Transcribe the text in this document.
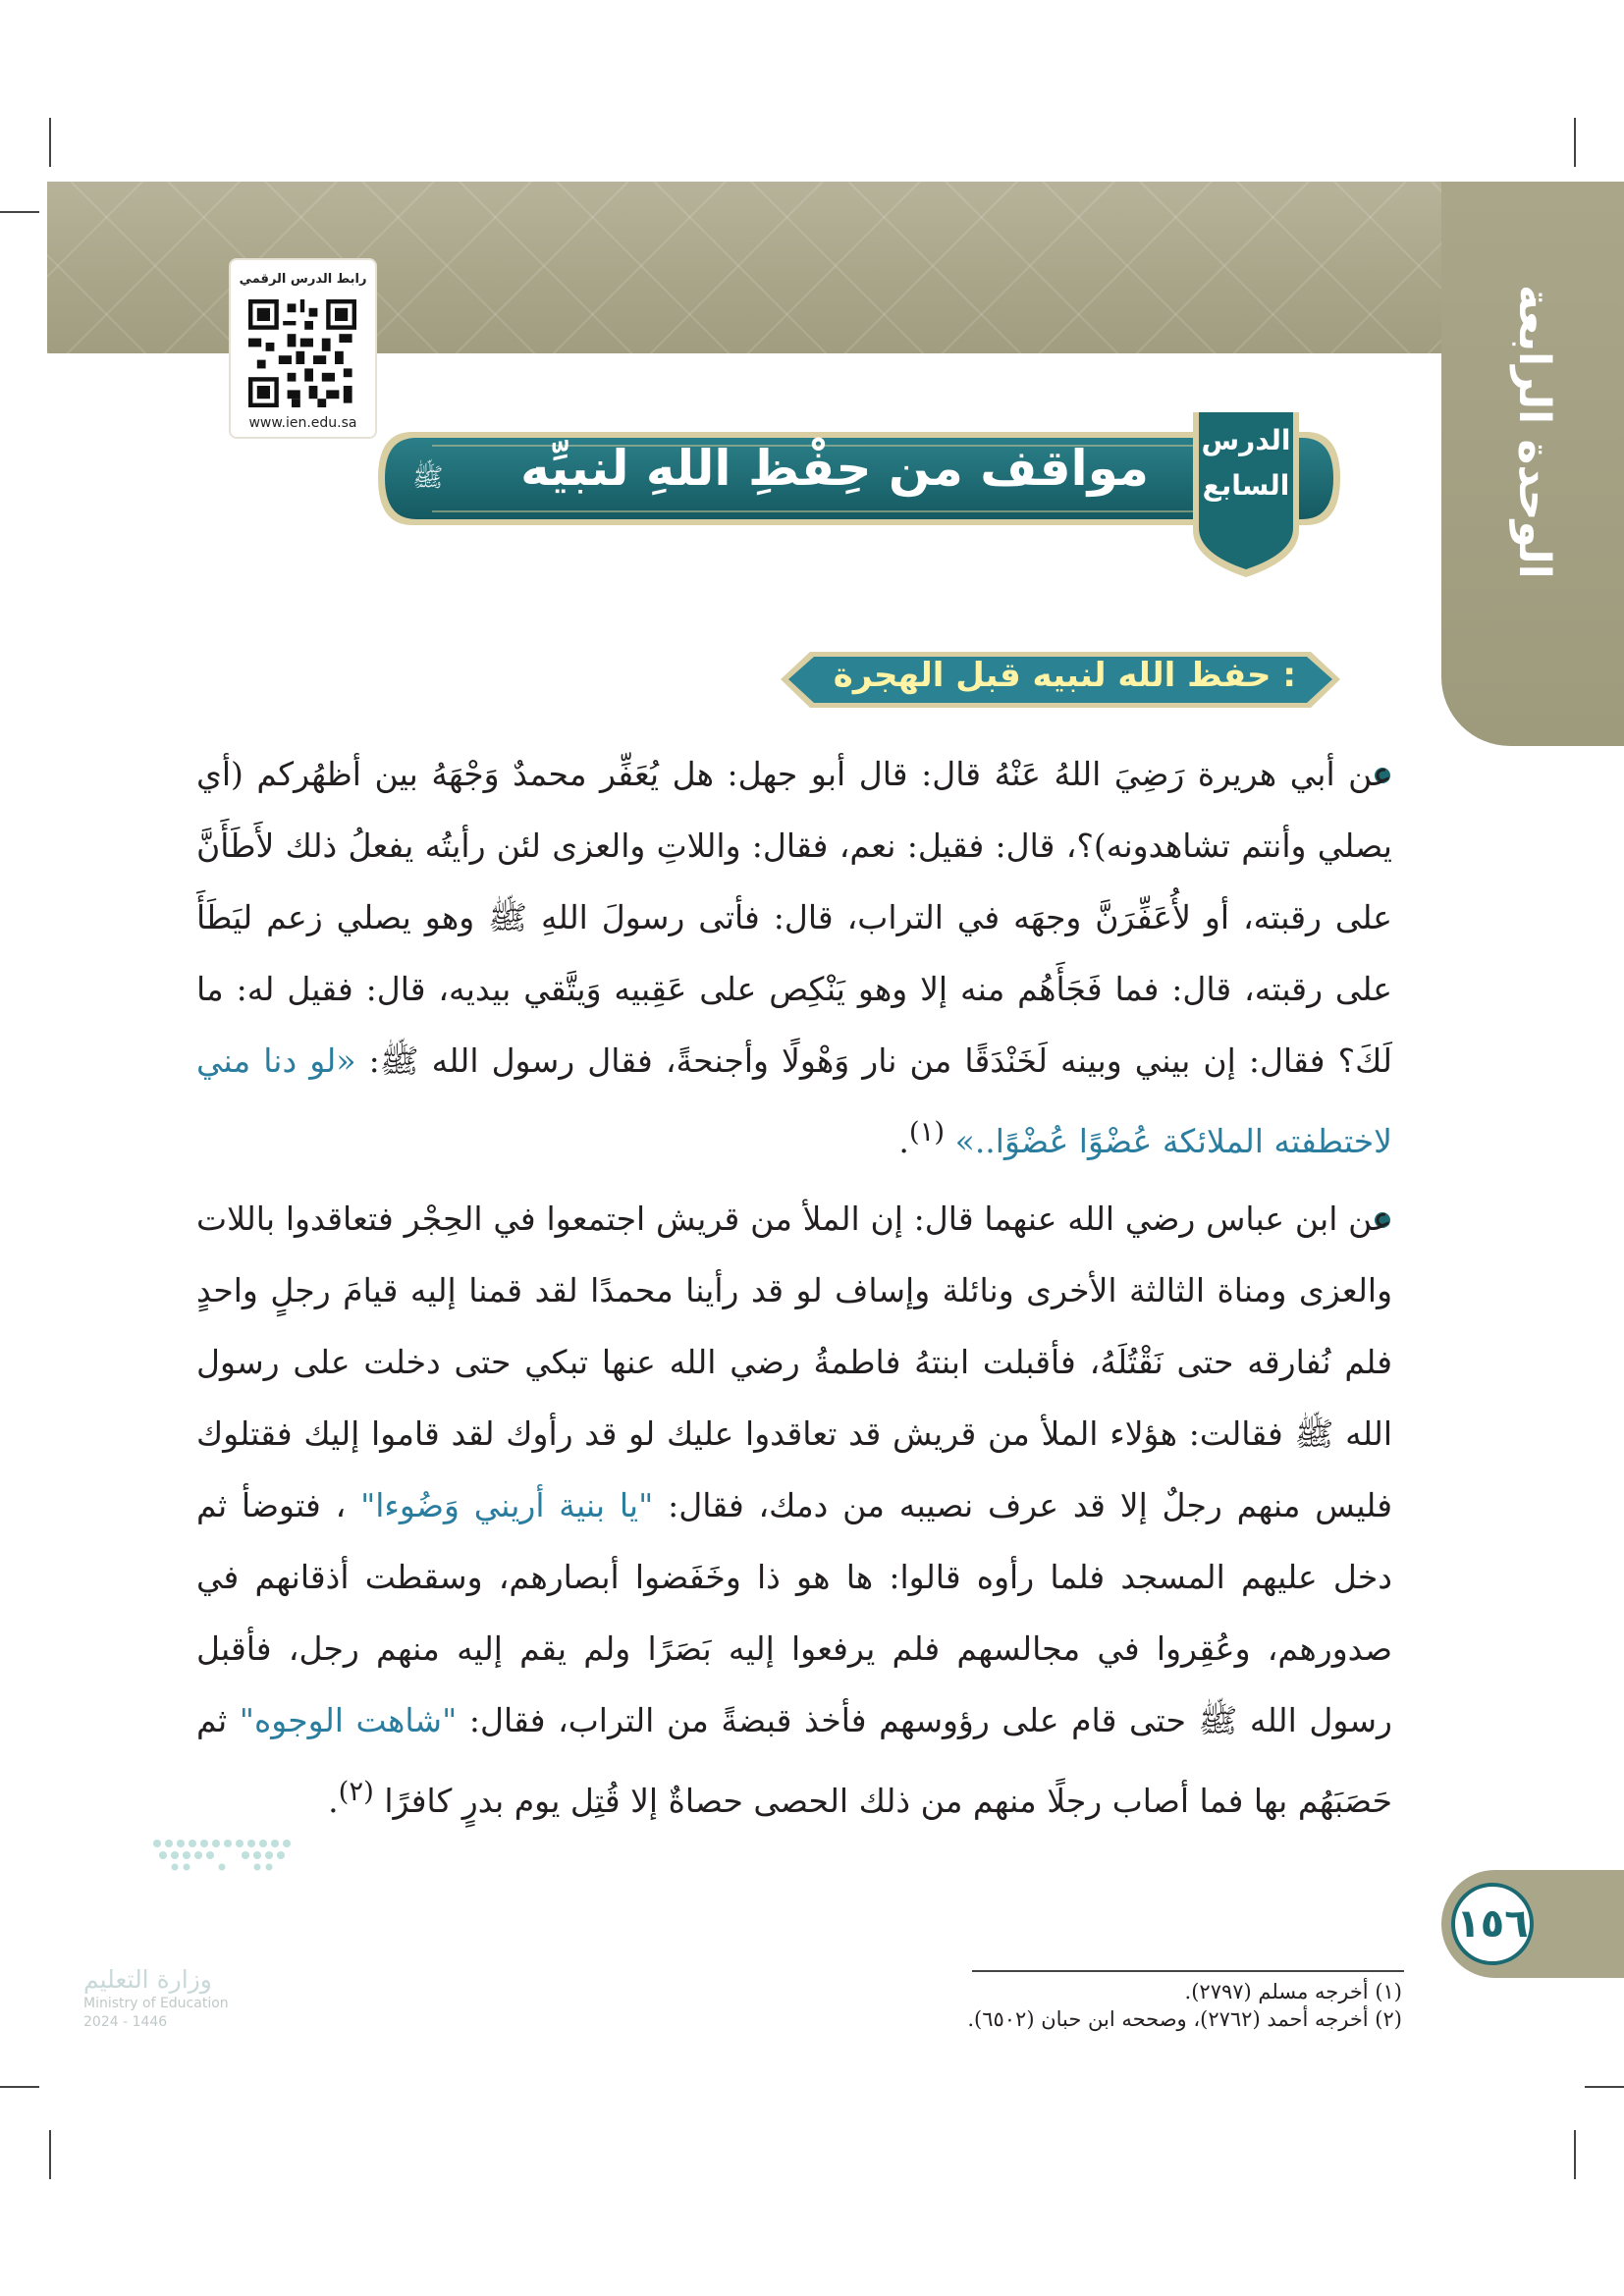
الوحدة الرابعة
رابط الدرس الرقمي
www.ien.edu.sa
مواقف من حِفْظِ اللهِ لنبيِّه
ﷺ
الدرس
السابع
حفظ الله لنبيه قبل الهجرة :
عن أبي هريرة رَضِيَ اللهُ عَنْهُ قال: قال أبو جهل: هل يُعَفِّر محمدٌ وَجْهَهُ بين أظهُركم (أي يصلي وأنتم تشاهدونه)؟، قال: فقيل: نعم، فقال: واللاتِ والعزى لئن رأيتُه يفعلُ ذلك لأَطَأَنَّ على رقبته، أو لأُعَفِّرَنَّ وجهَه في التراب، قال: فأتى رسولَ اللهِ ﷺ وهو يصلي زعم ليَطَأَ على رقبته، قال: فما فَجَأَهُم منه إلا وهو يَنْكِص على عَقِبيه وَيتَّقي بيديه، قال: فقيل له: ما لَكَ؟ فقال: إن بيني وبينه لَخَنْدَقًا من نار وَهْولًا وأجنحةً، فقال رسول الله ﷺ: «لو دنا مني لاختطفته الملائكة عُضْوًا عُضْوًا..» $^{(١)}$.
عن ابن عباس رضي الله عنهما قال: إن الملأ من قريش اجتمعوا في الحِجْر فتعاقدوا باللات والعزى ومناة الثالثة الأخرى ونائلة وإساف لو قد رأينا محمدًا لقد قمنا إليه قيامَ رجلٍ واحدٍ فلم نُفارقه حتى نَقْتُلَهُ، فأقبلت ابنتهُ فاطمةُ رضي الله عنها تبكي حتى دخلت على رسول الله ﷺ فقالت: هؤلاء الملأ من قريش قد تعاقدوا عليك لو قد رأوك لقد قاموا إليك فقتلوك فليس منهم رجلٌ إلا قد عرف نصيبه من دمك، فقال: "يا بنية أريني وَضُوءا" ، فتوضأ ثم دخل عليهم المسجد فلما رأوه قالوا: ها هو ذا وخَفَضوا أبصارهم، وسقطت أذقانهم في صدورهم، وعُقِروا في مجالسهم فلم يرفعوا إليه بَصَرًا ولم يقم إليه منهم رجل، فأقبل رسول الله ﷺ حتى قام على رؤوسهم فأخذ قبضةً من التراب، فقال: "شاهت الوجوه" ثم حَصَبَهُم بها فما أصاب رجلًا منهم من ذلك الحصى حصاةٌ إلا قُتِل يوم بدرٍ كافرًا $^{(٢)}$.
(١) أخرجه مسلم (٢٧٩٧).
(٢) أخرجه أحمد (٢٧٦٢)، وصححه ابن حبان (٦٥٠٢).
١٥٦
وزارة التعليم
Ministry of Education
2024 - 1446
